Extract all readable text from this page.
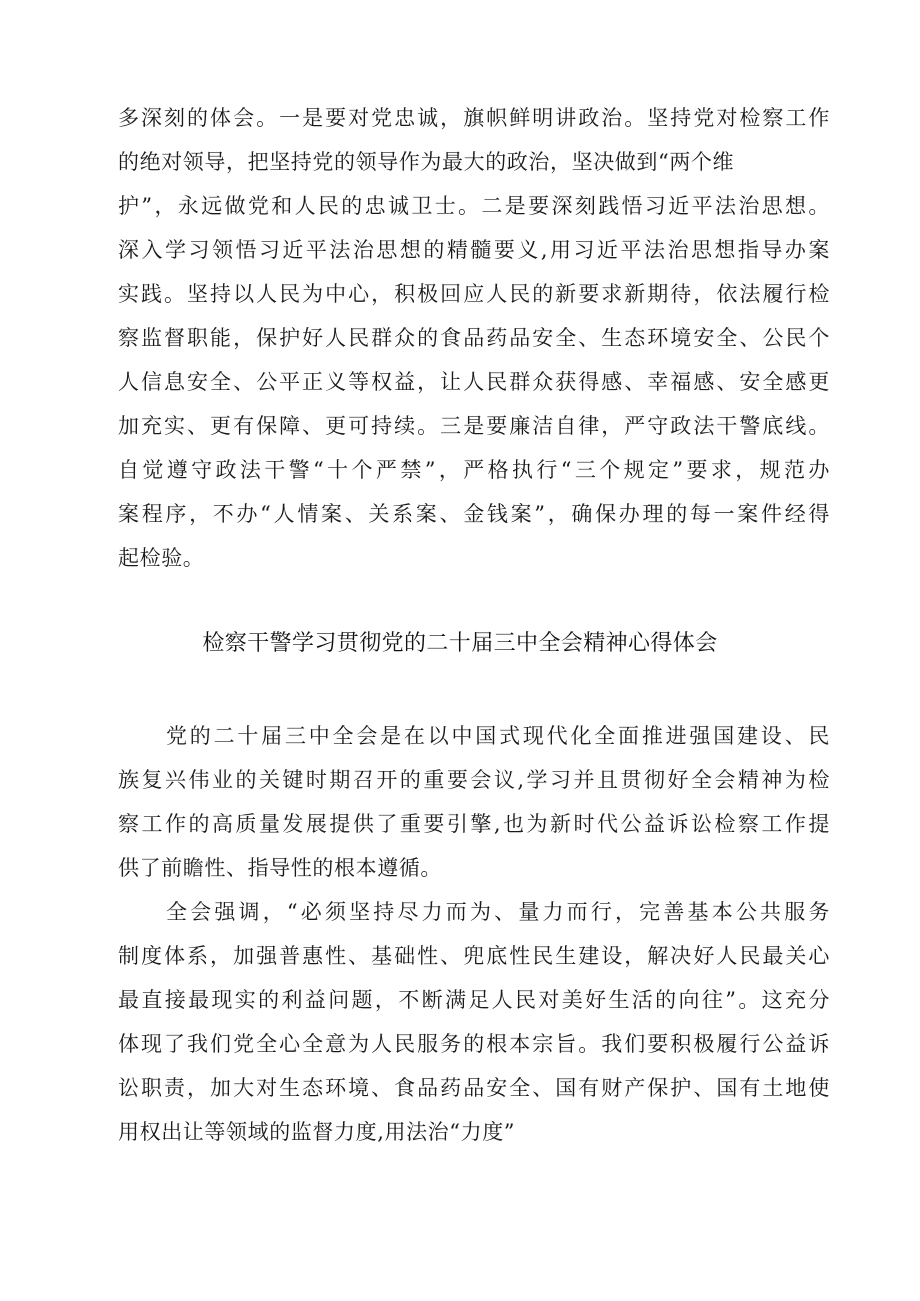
多深刻的体会。一是要对党忠诚，旗帜鲜明讲政治。坚持党对检察工作
的绝对领导，把坚持党的领导作为最大的政治，坚决做到“两个维
护”，永远做党和人民的忠诚卫士。二是要深刻践悟习近平法治思想。
深入学习领悟习近平法治思想的精髓要义,用习近平法治思想指导办案
实践。坚持以人民为中心，积极回应人民的新要求新期待，依法履行检
察监督职能，保护好人民群众的食品药品安全、生态环境安全、公民个
人信息安全、公平正义等权益，让人民群众获得感、幸福感、安全感更
加充实、更有保障、更可持续。三是要廉洁自律，严守政法干警底线。
自觉遵守政法干警“十个严禁”，严格执行“三个规定”要求，规范办
案程序，不办“人情案、关系案、金钱案”，确保办理的每一案件经得
起检验。
检察干警学习贯彻党的二十届三中全会精神心得体会
党的二十届三中全会是在以中国式现代化全面推进强国建设、民
族复兴伟业的关键时期召开的重要会议,学习并且贯彻好全会精神为检
察工作的高质量发展提供了重要引擎,也为新时代公益诉讼检察工作提
供了前瞻性、指导性的根本遵循。
全会强调，“必须坚持尽力而为、量力而行，完善基本公共服务
制度体系，加强普惠性、基础性、兜底性民生建设，解决好人民最关心
最直接最现实的利益问题，不断满足人民对美好生活的向往”。这充分
体现了我们党全心全意为人民服务的根本宗旨。我们要积极履行公益诉
讼职责，加大对生态环境、食品药品安全、国有财产保护、国有土地使
用权出让等领域的监督力度,用法治“力度”
